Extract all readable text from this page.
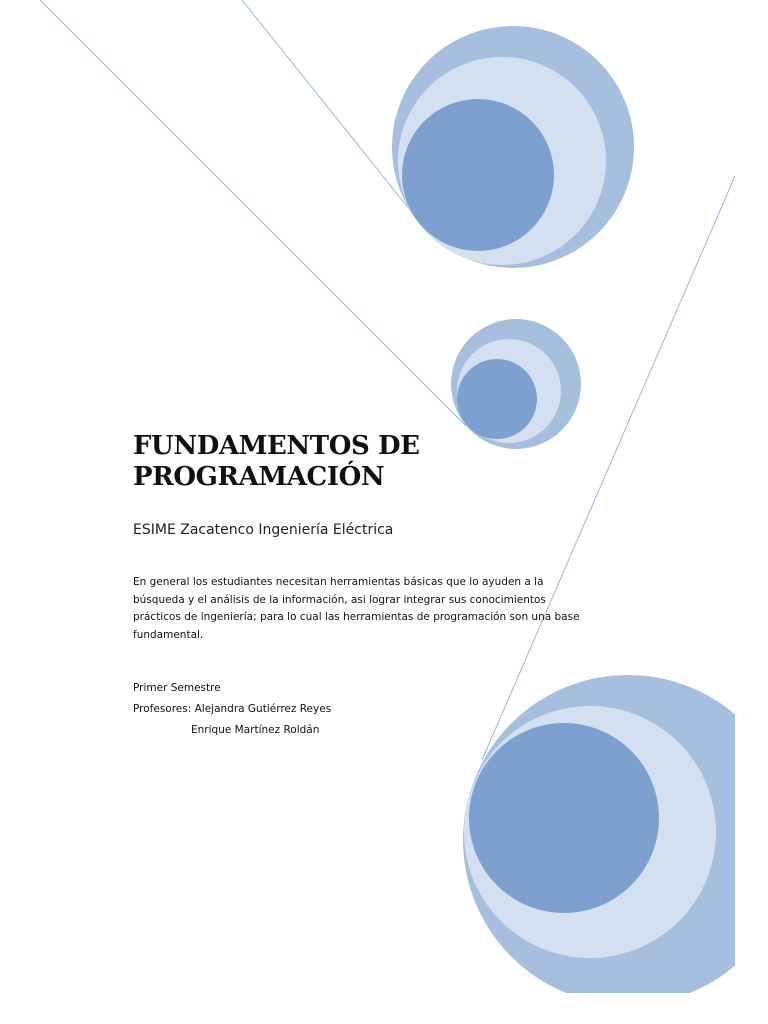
FUNDAMENTOS DE
PROGRAMACIÓN

ESIME Zacatenco Ingeniería Eléctrica

En general los estudiantes necesitan herramientas básicas que lo ayuden a la
búsqueda y el análisis de la información, asi lograr integrar sus conocimientos
prácticos de ingeniería; para lo cual las herramientas de programación son una base
fundamental.
Primer Semestre
Profesores: Alejandra Gutiérrez Reyes
Enrique Martínez Roldán
